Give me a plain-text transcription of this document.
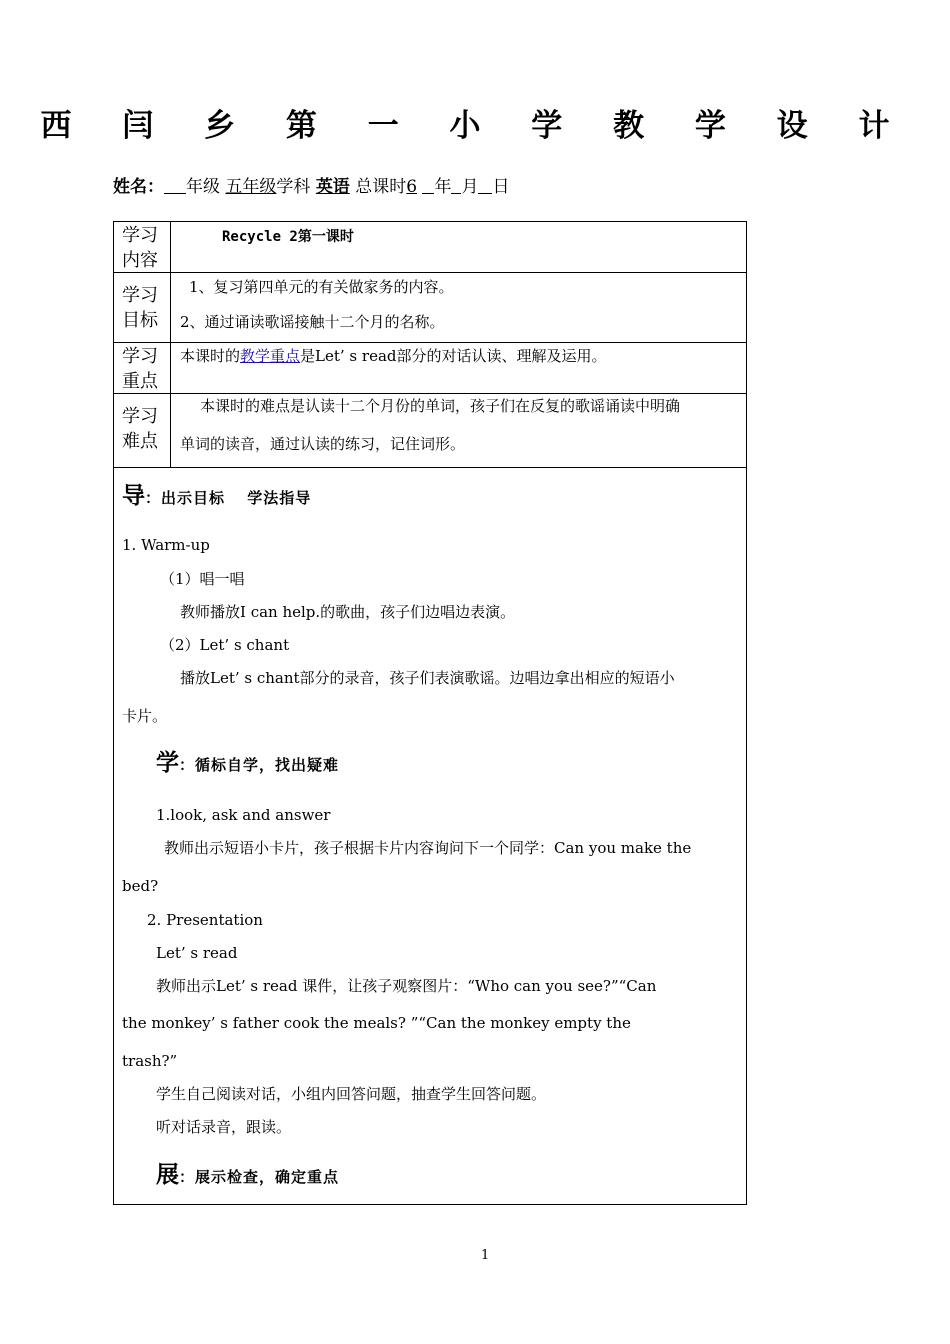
西 闫 乡 第 一 小 学 教 学 设 计
姓名： 年级 五年级学科 英语 总课时6 年 月 日
学习
内容
Recycle 2第一课时
学习
目标
1、复习第四单元的有关做家务的内容。
2、通过诵读歌谣接触十二个月的名称。
学习
重点
本课时的教学重点是Let’ s read部分的对话认读、理解及运用。
学习
难点
本课时的难点是认读十二个月份的单词，孩子们在反复的歌谣诵读中明确
单词的读音，通过认读的练习，记住词形。
导：出示目标　 学法指导
1. Warm-up
（1）唱一唱
教师播放I can help.的歌曲，孩子们边唱边表演。
（2）Let’ s chant
播放Let’ s chant部分的录音，孩子们表演歌谣。边唱边拿出相应的短语小
卡片。
学：循标自学，找出疑难
1.look, ask and answer
教师出示短语小卡片，孩子根据卡片内容询问下一个同学：Can you make the
bed?
2. Presentation
Let’ s read
教师出示Let’ s read 课件，让孩子观察图片：“Who can you see?”“Can
the monkey’ s father cook the meals? ”“Can the monkey empty the
trash?”
学生自己阅读对话，小组内回答问题，抽查学生回答问题。
听对话录音，跟读。
展：展示检查，确定重点
1
